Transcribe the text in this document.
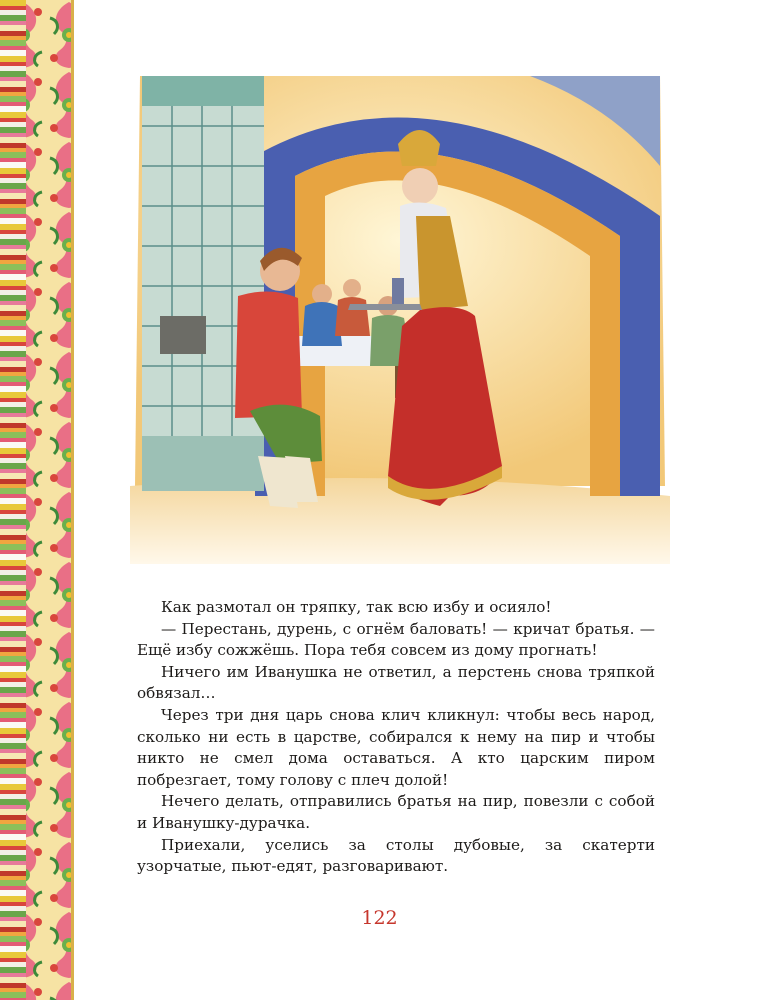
Как размотал он тряпку, так всю избу и осияло!

— Перестань, дурень, с огнём баловать! — кричат братья. — Ещё избу сожжёшь. Пора тебя совсем из дому прогнать!

Ничего им Иванушка не ответил, а перстень снова тряпкой обвязал…

Через три дня царь снова клич кликнул: чтобы весь народ, сколько ни есть в царстве, собирался к нему на пир и чтобы никто не смел дома оставаться. А кто царским пиром побрезгает, тому голову с плеч долой!

Нечего делать, отправились братья на пир, повезли с собой и Иванушку-дурачка.

Приехали, уселись за столы дубовые, за скатерти узорчатые, пьют-едят, разговаривают.

122
